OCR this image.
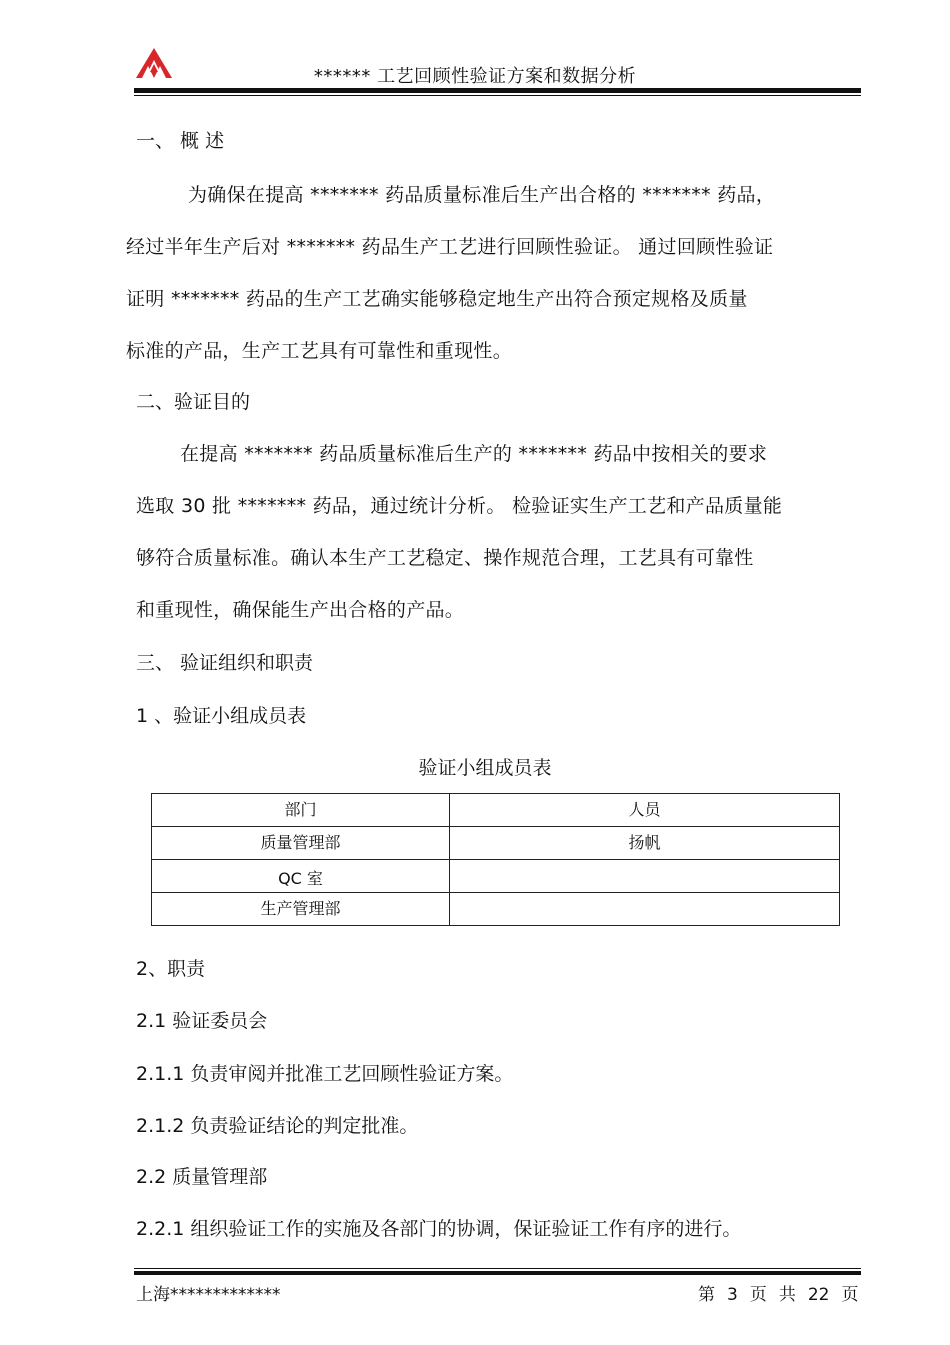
****** 工艺回顾性验证方案和数据分析
一、 概 述
为确保在提高 ******* 药品质量标准后生产出合格的 ******* 药品，
经过半年生产后对 ******* 药品生产工艺进行回顾性验证。 通过回顾性验证
证明 ******* 药品的生产工艺确实能够稳定地生产出符合预定规格及质量
标准的产品，生产工艺具有可靠性和重现性。
二、验证目的
在提高 ******* 药品质量标准后生产的 ******* 药品中按相关的要求
选取 30 批 ******* 药品，通过统计分析。 检验证实生产工艺和产品质量能
够符合质量标准。确认本生产工艺稳定、操作规范合理，工艺具有可靠性
和重现性，确保能生产出合格的产品。
三、 验证组织和职责
1 、验证小组成员表
验证小组成员表
部门	人员
质量管理部	扬帆
QC 室	
生产管理部	
2、职责
2.1 验证委员会
2.1.1 负责审阅并批准工艺回顾性验证方案。
2.1.2 负责验证结论的判定批准。
2.2 质量管理部
2.2.1 组织验证工作的实施及各部门的协调，保证验证工作有序的进行。
上海*************	第 3 页 共 22 页
